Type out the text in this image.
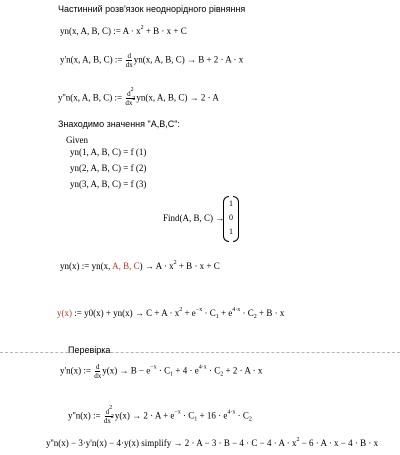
Частинний розв'язок неоднорідного рівняння
yn(x, A, B, C) := $A \cdot x^2 + B \cdot x + C$
y'n(x, A, B, C) := $\frac{d}{dx} yn(x$, A, B, C) → B + 2 · A · x
y''n(x, A, B, C) := $\frac{d^2}{dx^2} yn(x$, A, B, C) → 2 · A
Знаходимо значення "A,B,C":
Given
yn(1, A, B, C) = f (1)
yn(2, A, B, C) = f (2)
yn(3, A, B, C) = f (3)
Find(A, B, C) →
1
0
1
yn(x) := yn(x, A, B, $C) \to A \cdot x^2 + B \cdot x + C$
y(x) := $y0(x) + yn(x) \to C + A \cdot x^2 + e^{-x} \cdot C_1 + e^{4\cdot x} \cdot C_2 + B \cdot x$
Перевірка
y'n(x) := $\frac{d}{dx} y(x) \to B - e^{-x} \cdot C_1 + 4 \cdot e^{4\cdot x} \cdot C_2 + 2 \cdot A \cdot x$
y''n(x) := $\frac{d^2}{dx^2} y(x) \to 2 \cdot A + e^{-x} \cdot C_1 + 16 \cdot e^{4\cdot x} \cdot C_2$
y''n(x) − 3·y'n(x) − 4·y(x) simplify → $2 \cdot A - 3 \cdot B - 4 \cdot C - 4 \cdot A \cdot x^2 - 6 \cdot A \cdot x - 4 \cdot B \cdot x$
